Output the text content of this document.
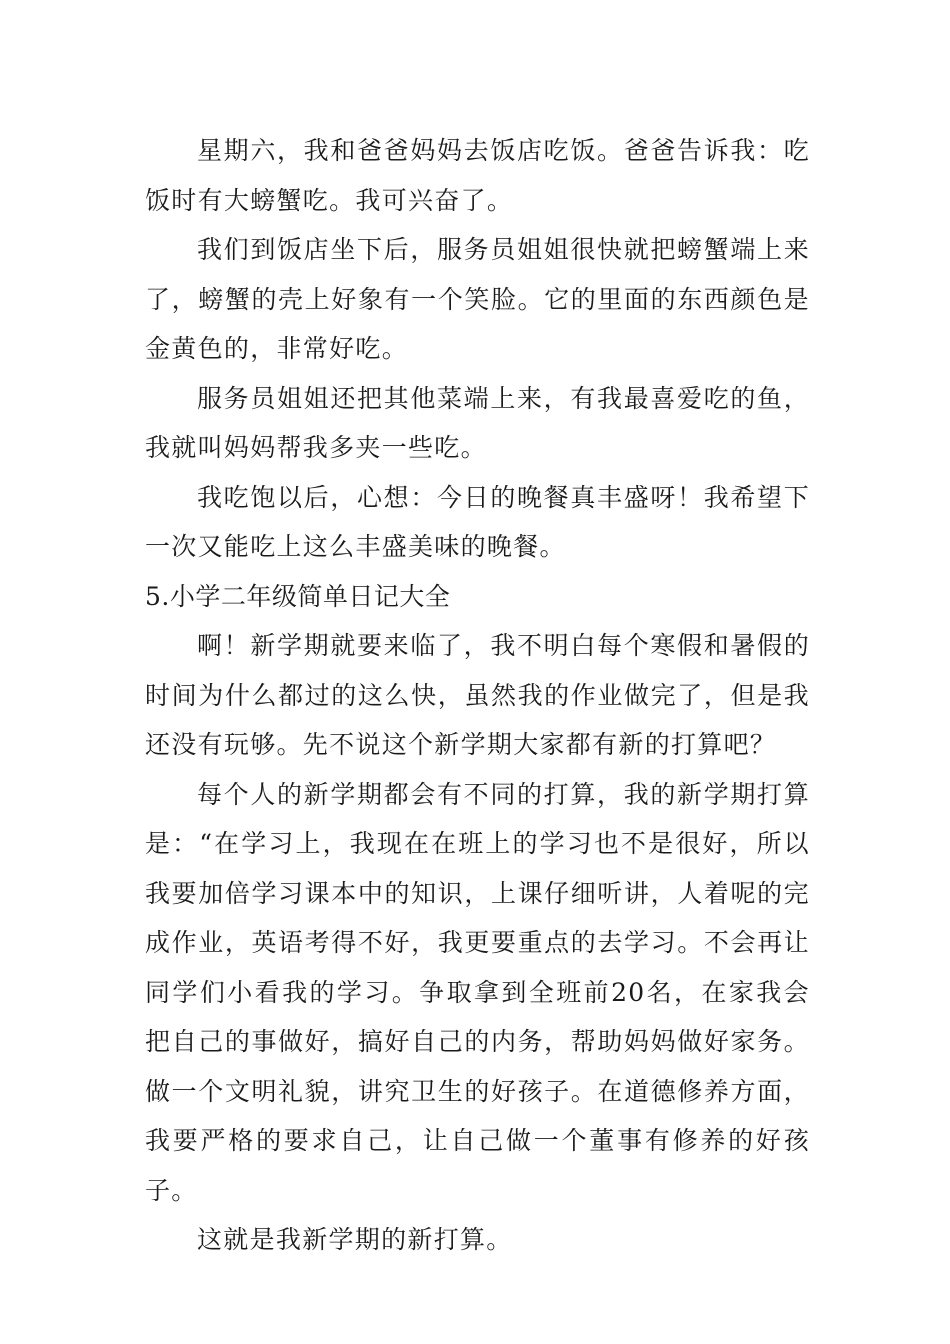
星期六，我和爸爸妈妈去饭店吃饭。爸爸告诉我：吃饭时有大螃蟹吃。我可兴奋了。

我们到饭店坐下后，服务员姐姐很快就把螃蟹端上来了，螃蟹的壳上好象有一个笑脸。它的里面的东西颜色是金黄色的，非常好吃。

服务员姐姐还把其他菜端上来，有我最喜爱吃的鱼，我就叫妈妈帮我多夹一些吃。

我吃饱以后，心想：今日的晚餐真丰盛呀！我希望下一次又能吃上这么丰盛美味的晚餐。

5.小学二年级简单日记大全

啊！新学期就要来临了，我不明白每个寒假和暑假的时间为什么都过的这么快，虽然我的作业做完了，但是我还没有玩够。先不说这个新学期大家都有新的打算吧？

每个人的新学期都会有不同的打算，我的新学期打算是：“在学习上，我现在在班上的学习也不是很好，所以我要加倍学习课本中的知识，上课仔细听讲，人着呢的完成作业，英语考得不好，我更要重点的去学习。不会再让同学们小看我的学习。争取拿到全班前20名，在家我会把自己的事做好，搞好自己的内务，帮助妈妈做好家务。做一个文明礼貌，讲究卫生的好孩子。在道德修养方面，我要严格的要求自己，让自己做一个董事有修养的好孩子。

这就是我新学期的新打算。
